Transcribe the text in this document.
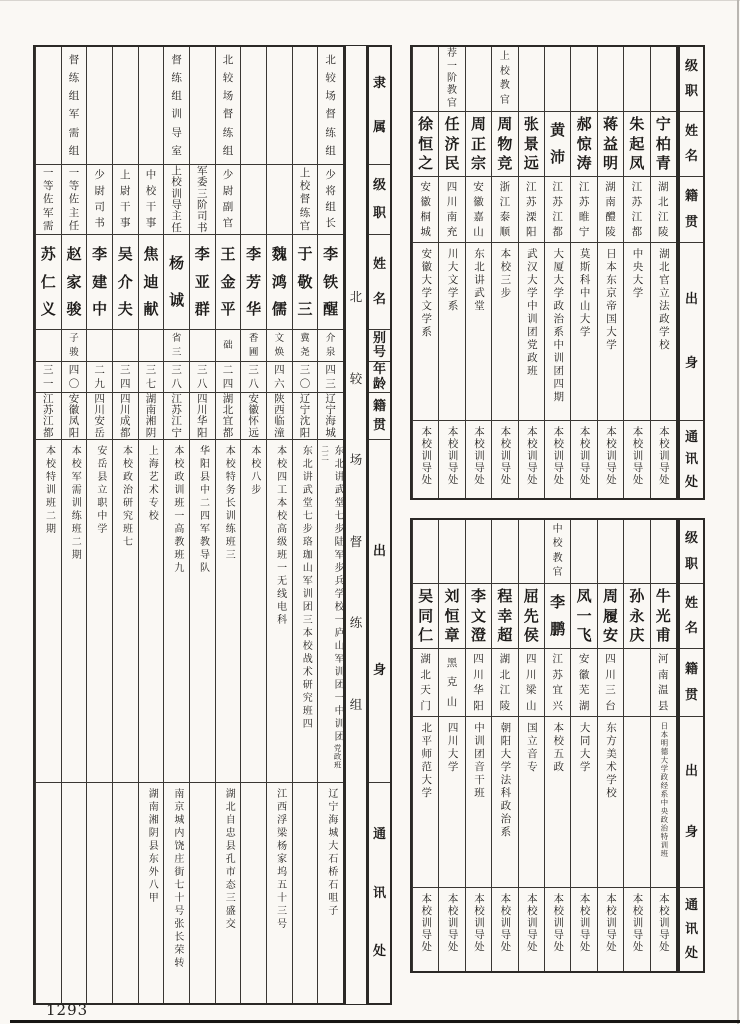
北
较
场
督
练
组
少
将
组
长
李
铁
醒
介
泉
四
三
辽
宁
海
城
东北讲武堂七步陆军步兵学校一庐山军训团一中训团党政班二二
辽宁海城大石桥石咀子
上
校
督
练
官
于
敬
三
冀
尧
三
〇
辽
宁
沈
阳
东北讲武堂七步珞珈山军训团三本校战术研究班四
魏
鸿
儒
文
焕
四
六
陕
西
临
潼
本校四工本校高级班一无线电科
江西浮梁杨家坞五十三号
李
芳
华
香
圃
三
八
安
徽
怀
远
本校八步
北
较
场
督
练
组
少
尉
副
官
王
金
平
础
二
四
湖
北
宜
都
本校特务长训练班三
湖北自忠县孔市态三盛交
军
委
三
阶
司
书
李
亚
群
三
八
四
川
华
阳
华阳县中二四军教导队
督
练
组
训
导
室
上
校
训
导
主
任
杨
诚
省
三
三
八
江
苏
江
宁
本校政训班一高教班九
南京城内饶庄街七十号张长荣转
中
校
干
事
焦
迪
献
三
七
湖
南
湘
阴
上海艺术专校
湖南湘阴县东外八甲
上
尉
干
事
吴
介
夫
三
四
四
川
成
都
本校政治研究班七
少
尉
司
书
李
建
中
二
九
四
川
安
岳
安岳县立职中学
督
练
组
军
需
组
一
等
佐
主
任
赵
家
骏
子
骏
四
〇
安
徽
凤
阳
本校军需训练班二期
一
等
佐
军
需
苏
仁
义
三
一
江
苏
江
都
本校特训班二期
北
较
场
督
练
组
隶
属
级
职
姓
名
别
号
年
龄
籍
贯
出
身
通
讯
处
宁
柏
青
湖
北
江
陵
湖北官立法政学校
本校训导处
朱
起
凤
江
苏
江
都
中央大学
本校训导处
蒋
益
明
湖
南
醴
陵
日本东京帝国大学
本校训导处
郝
惊
涛
江
苏
睢
宁
莫斯科中山大学
本校训导处
黄
沛
江
苏
江
都
大厦大学政治系中训团四期
本校训导处
张
景
远
江
苏
溧
阳
武汉大学中训团党政班
本校训导处
上
校
教
官
周
物
竞
浙
江
泰
顺
本校三步
本校训导处
周
正
宗
安
徽
嘉
山
东北讲武堂
本校训导处
荐
一
阶
教
官
任
济
民
四
川
南
充
川大文学系
本校训导处
徐
恒
之
安
徽
桐
城
安徽大学文学系
本校训导处
级
职
姓
名
籍
贯
出
身
通
讯
处
牛
光
甫
河
南
温
县
日本明德大学政经系中央政治特训班
本校训导处
孙
永
庆
本校训导处
周
履
安
四
川
三
台
东方美术学校
本校训导处
凤
一
飞
安
徽
芜
湖
大同大学
本校训导处
中
校
教
官
李
鹏
江
苏
宜
兴
本校五政
本校训导处
屈
先
侯
四
川
梁
山
国立音专
本校训导处
程
幸
超
湖
北
江
陵
朝阳大学法科政治系
本校训导处
李
文
澄
四
川
华
阳
中训团音干班
本校训导处
刘
恒
章
黑
克
山
四川大学
本校训导处
吴
同
仁
湖
北
天
门
北平师范大学
本校训导处
级
职
姓
名
籍
贯
出
身
通
讯
处
1293
